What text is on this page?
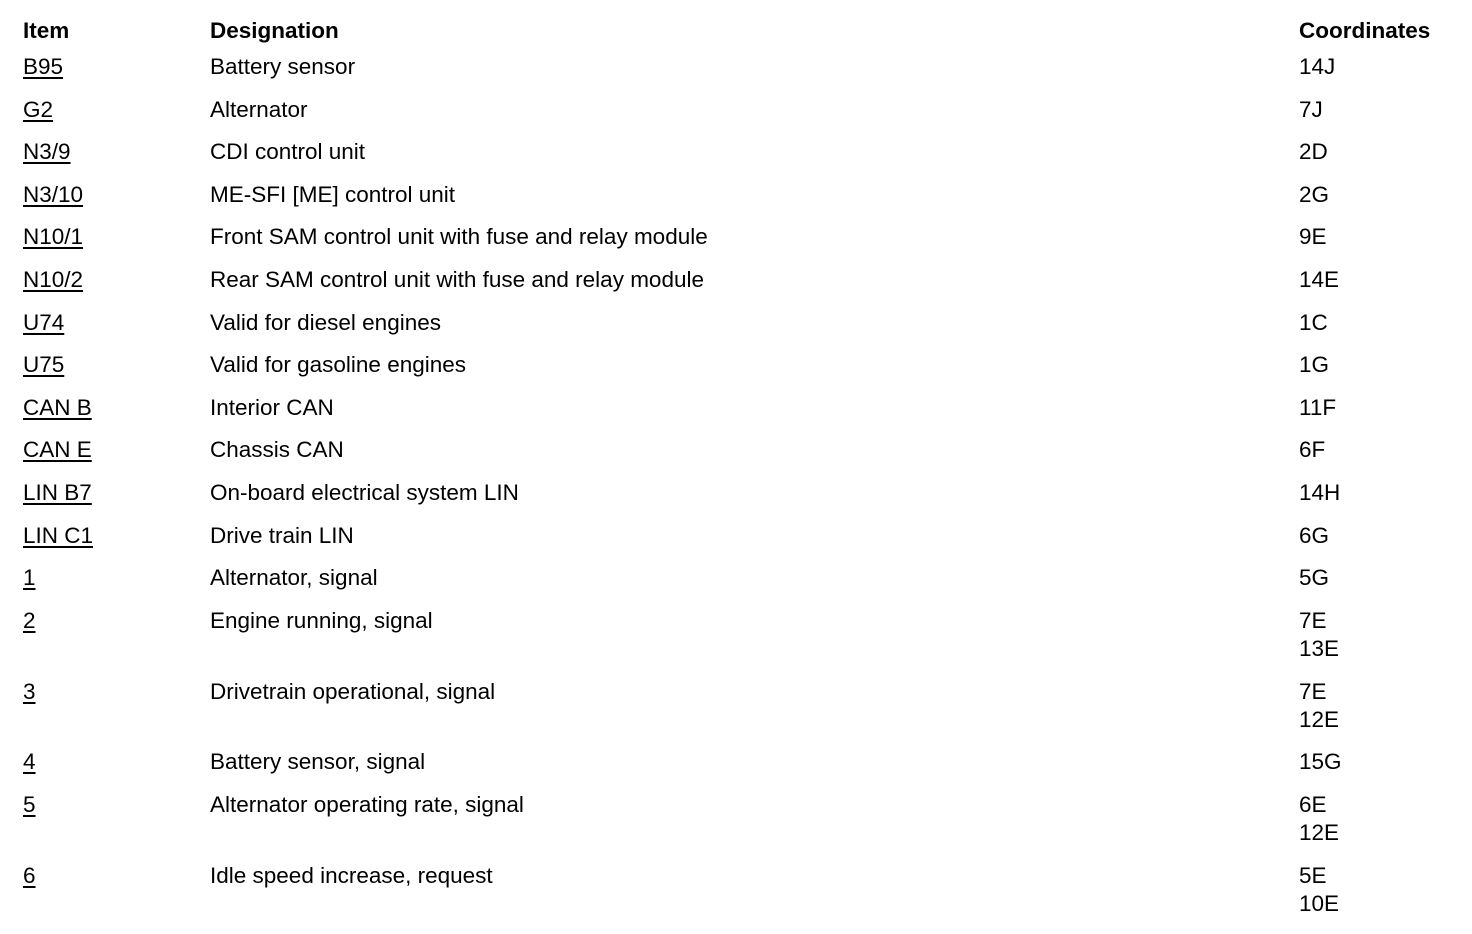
Item	Designation	Coordinates
B95	Battery sensor	14J
G2	Alternator	7J
N3/9	CDI control unit	2D
N3/10	ME-SFI [ME] control unit	2G
N10/1	Front SAM control unit with fuse and relay module	9E
N10/2	Rear SAM control unit with fuse and relay module	14E
U74	Valid for diesel engines	1C
U75	Valid for gasoline engines	1G
CAN B	Interior CAN	11F
CAN E	Chassis CAN	6F
LIN B7	On-board electrical system LIN	14H
LIN C1	Drive train LIN	6G
1	Alternator, signal	5G
2	Engine running, signal	7E
13E
3	Drivetrain operational, signal	7E
12E
4	Battery sensor, signal	15G
5	Alternator operating rate, signal	6E
12E
6	Idle speed increase, request	5E
10E
